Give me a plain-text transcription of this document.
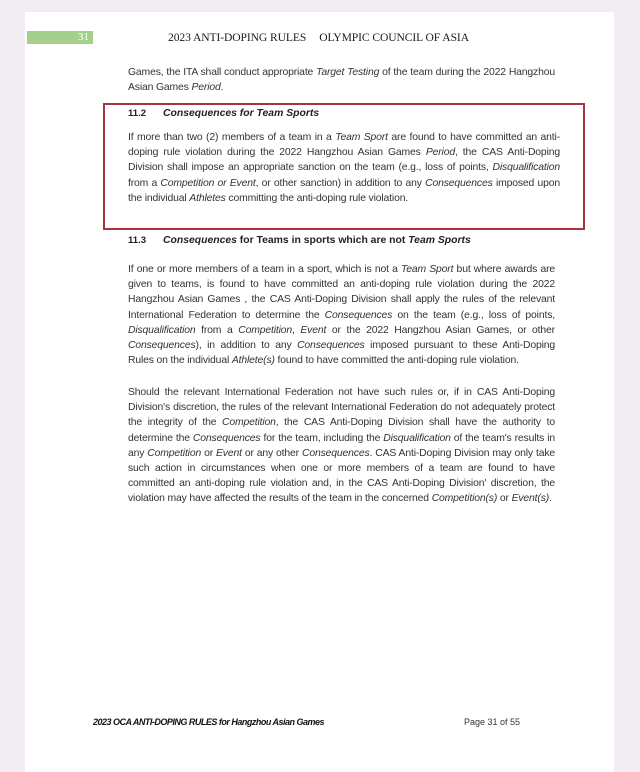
31	2023 ANTI-DOPING RULES OLYMPIC COUNCIL OF ASIA

Games, the ITA shall conduct appropriate Target Testing of the team during the 2022 Hangzhou Asian Games Period.

11.2 Consequences for Team Sports

If more than two (2) members of a team in a Team Sport are found to have committed an anti-doping rule violation during the 2022 Hangzhou Asian Games Period, the CAS Anti-Doping Division shall impose an appropriate sanction on the team (e.g., loss of points, Disqualification from a Competition or Event, or other sanction) in addition to any Consequences imposed upon the individual Athletes committing the anti-doping rule violation.

11.3 Consequences for Teams in sports which are not Team Sports

If one or more members of a team in a sport, which is not a Team Sport but where awards are given to teams, is found to have committed an anti-doping rule violation during the 2022 Hangzhou Asian Games , the CAS Anti-Doping Division shall apply the rules of the relevant International Federation to determine the Consequences on the team (e.g., loss of points, Disqualification from a Competition, Event or the 2022 Hangzhou Asian Games, or other Consequences), in addition to any Consequences imposed pursuant to these Anti-Doping Rules on the individual Athlete(s) found to have committed the anti-doping rule violation.

Should the relevant International Federation not have such rules or, if in CAS Anti-Doping Division's discretion, the rules of the relevant International Federation do not adequately protect the integrity of the Competition, the CAS Anti-Doping Division shall have the authority to determine the Consequences for the team, including the Disqualification of the team's results in any Competition or Event or any other Consequences. CAS Anti-Doping Division may only take such action in circumstances when one or more members of a team are found to have committed an anti-doping rule violation and, in the CAS Anti-Doping Division' discretion, the violation may have affected the results of the team in the concerned Competition(s) or Event(s).

2023 OCA ANTI-DOPING RULES for Hangzhou Asian Games	Page 31 of 55
